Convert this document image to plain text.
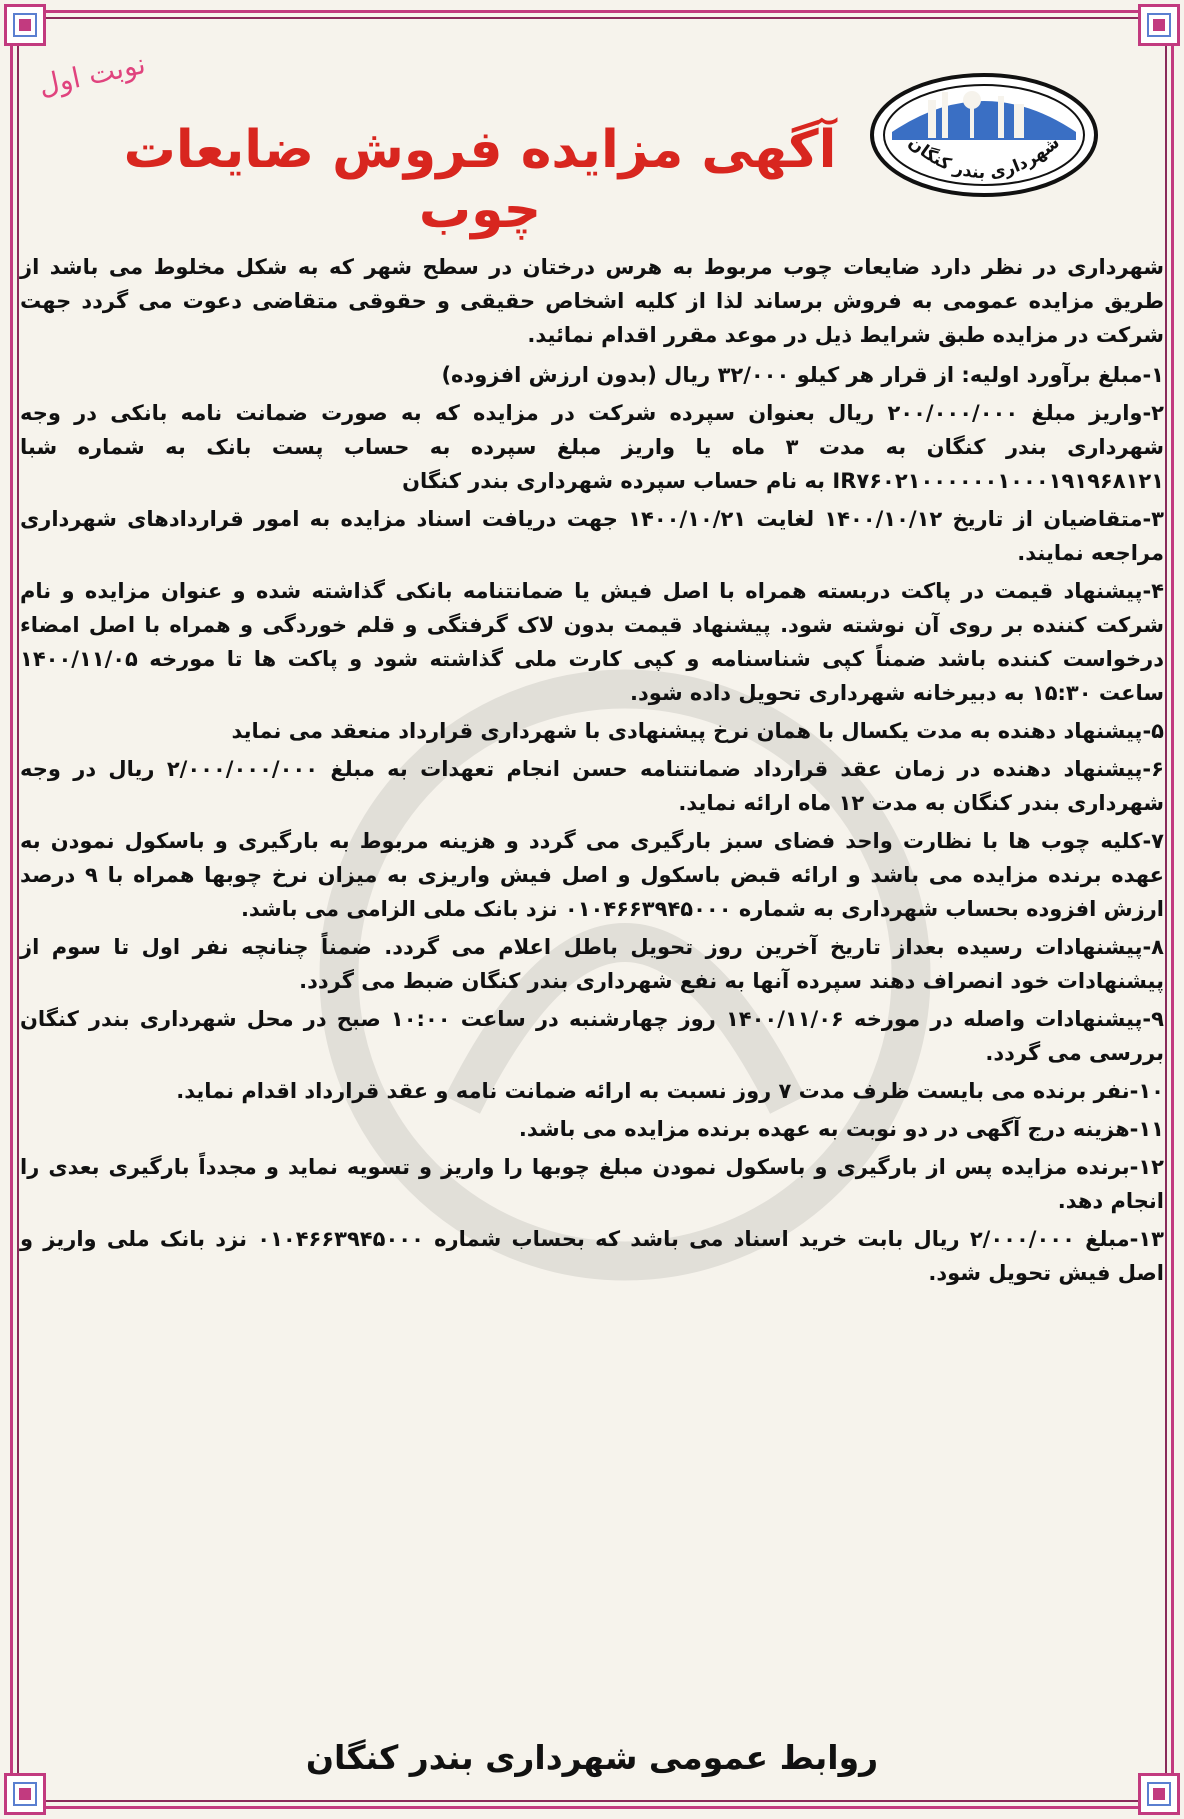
شهرداری بندر کنگان
نوبت اول
آگهی مزایده فروش ضایعات چوب

شهرداری در نظر دارد ضایعات چوب مربوط به هرس درختان در سطح شهر که به شکل مخلوط می باشد از طریق مزایده عمومی به فروش برساند لذا از کلیه اشخاص حقیقی و حقوقی متقاضی دعوت می گردد جهت شرکت در مزایده طبق شرایط ذیل در موعد مقرر اقدام نمائید.

۱-مبلغ برآورد اولیه: از قرار هر کیلو ۳۲/۰۰۰ ریال (بدون ارزش افزوده)

۲-واریز مبلغ ۲۰۰/۰۰۰/۰۰۰ ریال بعنوان سپرده شرکت در مزایده که به صورت ضمانت نامه بانکی در وجه شهرداری بندر کنگان به مدت ۳ ماه یا واریز مبلغ سپرده به حساب پست بانک به شماره شبا IR۷۶۰۲۱۰۰۰۰۰۰۱۰۰۰۱۹۱۹۶۸۱۲۱ به نام حساب سپرده شهرداری بندر کنگان

۳-متقاضیان از تاریخ ۱۴۰۰/۱۰/۱۲ لغایت ۱۴۰۰/۱۰/۲۱ جهت دریافت اسناد مزایده به امور قراردادهای شهرداری مراجعه نمایند.

۴-پیشنهاد قیمت در پاکت دربسته همراه با اصل فیش یا ضمانتنامه بانکی گذاشته شده و عنوان مزایده و نام شرکت کننده بر روی آن نوشته شود. پیشنهاد قیمت بدون لاک گرفتگی و قلم خوردگی و همراه با اصل امضاء درخواست کننده باشد ضمناً کپی شناسنامه و کپی کارت ملی گذاشته شود و پاکت ها تا مورخه ۱۴۰۰/۱۱/۰۵ ساعت ۱۵:۳۰ به دبیرخانه شهرداری تحویل داده شود.

۵-پیشنهاد دهنده به مدت یکسال با همان نرخ پیشنهادی با شهرداری قرارداد منعقد می نماید

۶-پیشنهاد دهنده در زمان عقد قرارداد ضمانتنامه حسن انجام تعهدات به مبلغ ۲/۰۰۰/۰۰۰/۰۰۰ ریال در وجه شهرداری بندر کنگان به مدت ۱۲ ماه ارائه نماید.

۷-کلیه چوب ها با نظارت واحد فضای سبز بارگیری می گردد و هزینه مربوط به بارگیری و باسکول نمودن به عهده برنده مزایده می باشد و ارائه قبض باسکول و اصل فیش واریزی به میزان نرخ چوبها همراه با ۹ درصد ارزش افزوده بحساب شهرداری به شماره ۰۱۰۴۶۶۳۹۴۵۰۰۰ نزد بانک ملی الزامی می باشد.

۸-پیشنهادات رسیده بعداز تاریخ آخرین روز تحویل باطل اعلام می گردد. ضمناً چنانچه نفر اول تا سوم از پیشنهادات خود انصراف دهند سپرده آنها به نفع شهرداری بندر کنگان ضبط می گردد.

۹-پیشنهادات واصله در مورخه ۱۴۰۰/۱۱/۰۶ روز چهارشنبه در ساعت ۱۰:۰۰ صبح در محل شهرداری بندر کنگان بررسی می گردد.

۱۰-نفر برنده می بایست ظرف مدت ۷ روز نسبت به ارائه ضمانت نامه و عقد قرارداد اقدام نماید.

۱۱-هزینه درج آگهی در دو نوبت به عهده برنده مزایده می باشد.

۱۲-برنده مزایده پس از بارگیری و باسکول نمودن مبلغ چوبها را واریز و تسویه نماید و مجدداً بارگیری بعدی را انجام دهد.

۱۳-مبلغ ۲/۰۰۰/۰۰۰ ریال بابت خرید اسناد می باشد که بحساب شماره ۰۱۰۴۶۶۳۹۴۵۰۰۰ نزد بانک ملی واریز و اصل فیش تحویل شود.

روابط عمومی شهرداری بندر کنگان
